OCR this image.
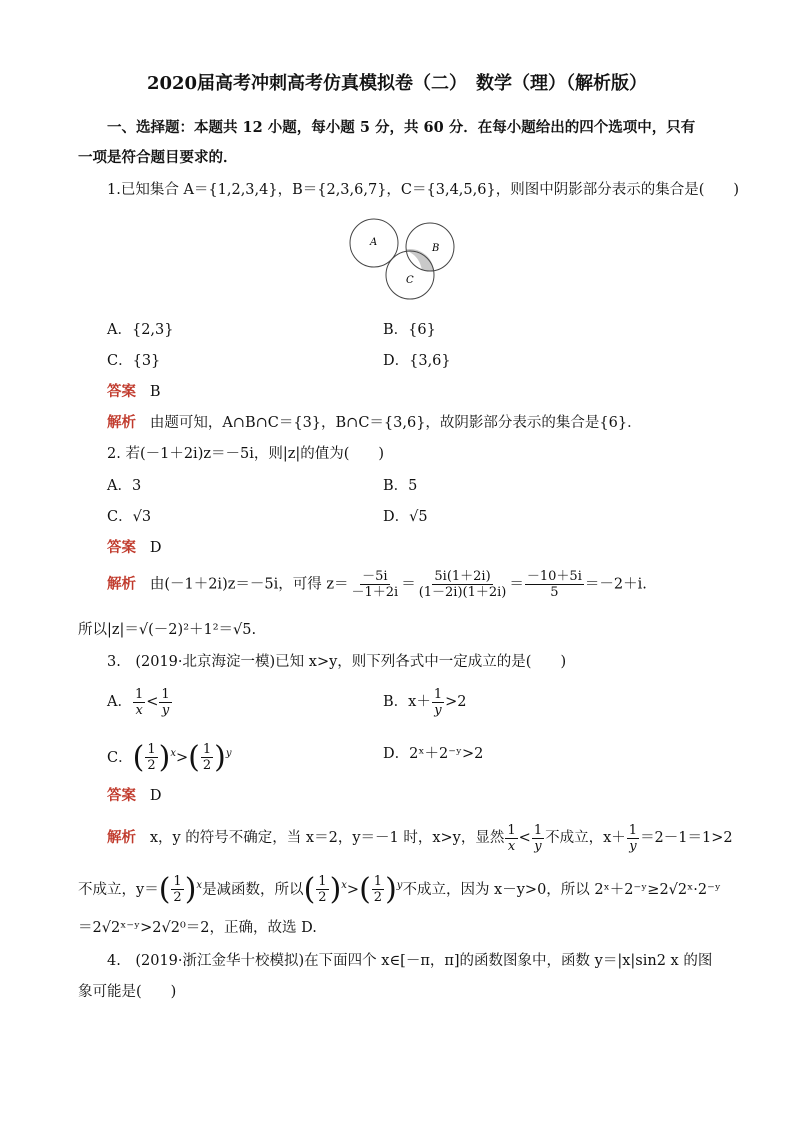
2020届高考冲刺高考仿真模拟卷（二）　数学（理）（解析版）
一、选择题：本题共 12 小题，每小题 5 分，共 60 分．在每小题给出的四个选项中，只有
一项是符合题目要求的．
1.已知集合 A＝{1,2,3,4}，B＝{2,3,6,7}，C＝{3,4,5,6}，则图中阴影部分表示的集合是(　　)
A
B
C
A．{2,3}	B．{6}
C．{3}	D．{3,6}
答案 B
解析 由题可知，A∩B∩C＝{3}，B∩C＝{3,6}，故阴影部分表示的集合是{6}．
2. 若(－1＋2i)z＝－5i，则|z|的值为(　　)
A．3	B．5
C．√3	D．√5
答案 D
解析 由(－1＋2i)z＝－5i，可得 $z= \frac{-5i}{-1+2i} = \frac{5i(1+2i)}{(1-2i)(1+2i)} = \frac{-10+5i}{5} =-2+i$.
所以|z|＝√(－2)²＋1²＝√5.
3.　(2019·北京海淀一模)已知 x>y，则下列各式中一定成立的是(　　)
A． $\frac{1}{x} < \frac{1}{y}$	B．$x+ \frac{1}{y} >2$
C．( $\frac{1}{2} )^x>( \frac{1}{2} )^y$	D．2ˣ＋2⁻ʸ>2
答案 D
解析 x，y 的符号不确定，当 x＝2，y＝－1 时，x>y，显然 $\frac{1}{x} < \frac{1}{y}$ 不成立，$x+ \frac{1}{y} =2-1=1>2$
不成立，$y=( \frac{1}{2} )^x$是减函数，所以( $\frac{1}{2} )^x>( \frac{1}{2} )^y$不成立，因为 x－y>0，所以 2ˣ＋2⁻ʸ≥2√2ˣ·2⁻ʸ
＝2√2ˣ⁻ʸ>2√2⁰＝2，正确，故选 D.
4.　(2019·浙江金华十校模拟)在下面四个 x∈[－π，π]的函数图象中，函数 y＝|x|sin2 x 的图
象可能是(　　)
